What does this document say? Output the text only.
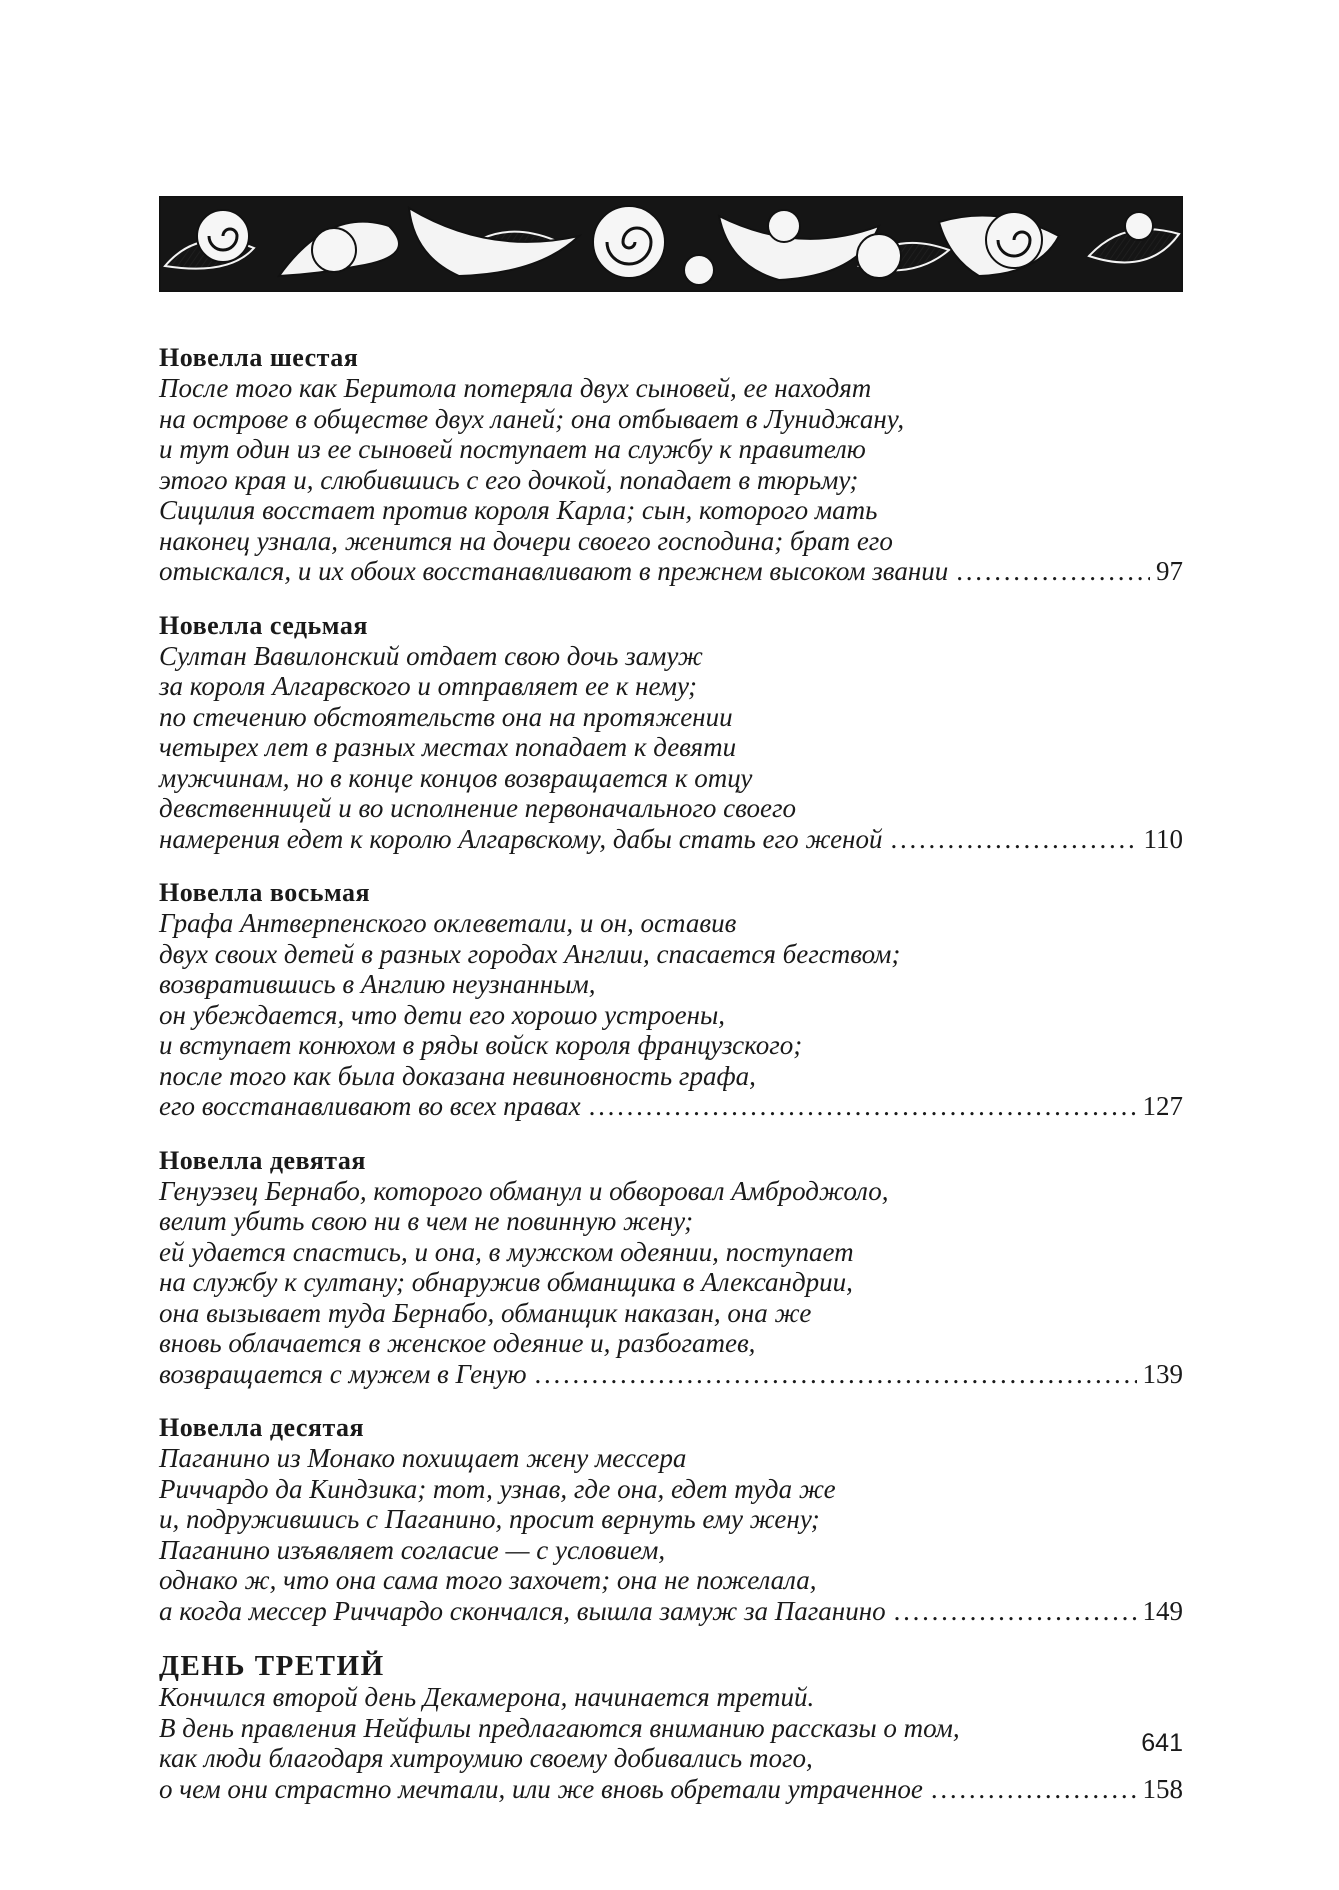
Новелла шестая
После того как Беритола потеряла двух сыновей, ее находят
на острове в обществе двух ланей; она отбывает в Луниджану,
и тут один из ее сыновей поступает на службу к правителю
этого края и, слюбившись с его дочкой, попадает в тюрьму;
Сицилия восстает против короля Карла; сын, которого мать
наконец узнала, женится на дочери своего господина; брат его
отыскался, и их обоих восстанавливают в прежнем высоком звании . . .	97
Новелла седьмая
Султан Вавилонский отдает свою дочь замуж
за короля Алгарвского и отправляет ее к нему;
по стечению обстоятельств она на протяжении
четырех лет в разных местах попадает к девяти
мужчинам, но в конце концов возвращается к отцу
девственницей и во исполнение первоначального своего
намерения едет к королю Алгарвскому, дабы стать его женой . . .	110
Новелла восьмая
Графа Антверпенского оклеветали, и он, оставив
двух своих детей в разных городах Англии, спасается бегством;
возвратившись в Англию неузнанным,
он убеждается, что дети его хорошо устроены,
и вступает конюхом в ряды войск короля французского;
после того как была доказана невиновность графа,
его восстанавливают во всех правах . . .	127
Новелла девятая
Генуэзец Бернабо, которого обманул и обворовал Амброджоло,
велит убить свою ни в чем не повинную жену;
ей удается спастись, и она, в мужском одеянии, поступает
на службу к султану; обнаружив обманщика в Александрии,
она вызывает туда Бернабо, обманщик наказан, она же
вновь облачается в женское одеяние и, разбогатев,
возвращается с мужем в Геную . . .	139
Новелла десятая
Паганино из Монако похищает жену мессера
Риччардо да Киндзика; тот, узнав, где она, едет туда же
и, подружившись с Паганино, просит вернуть ему жену;
Паганино изъявляет согласие — с условием,
однако ж, что она сама того захочет; она не пожелала,
а когда мессер Риччардо скончался, вышла замуж за Паганино . . .	149
ДЕНЬ ТРЕТИЙ
Кончился второй день Декамерона, начинается третий.
В день правления Нейфилы предлагаются вниманию рассказы о том,
как люди благодаря хитроумию своему добивались того,
о чем они страстно мечтали, или же вновь обретали утраченное . . .	158
641
